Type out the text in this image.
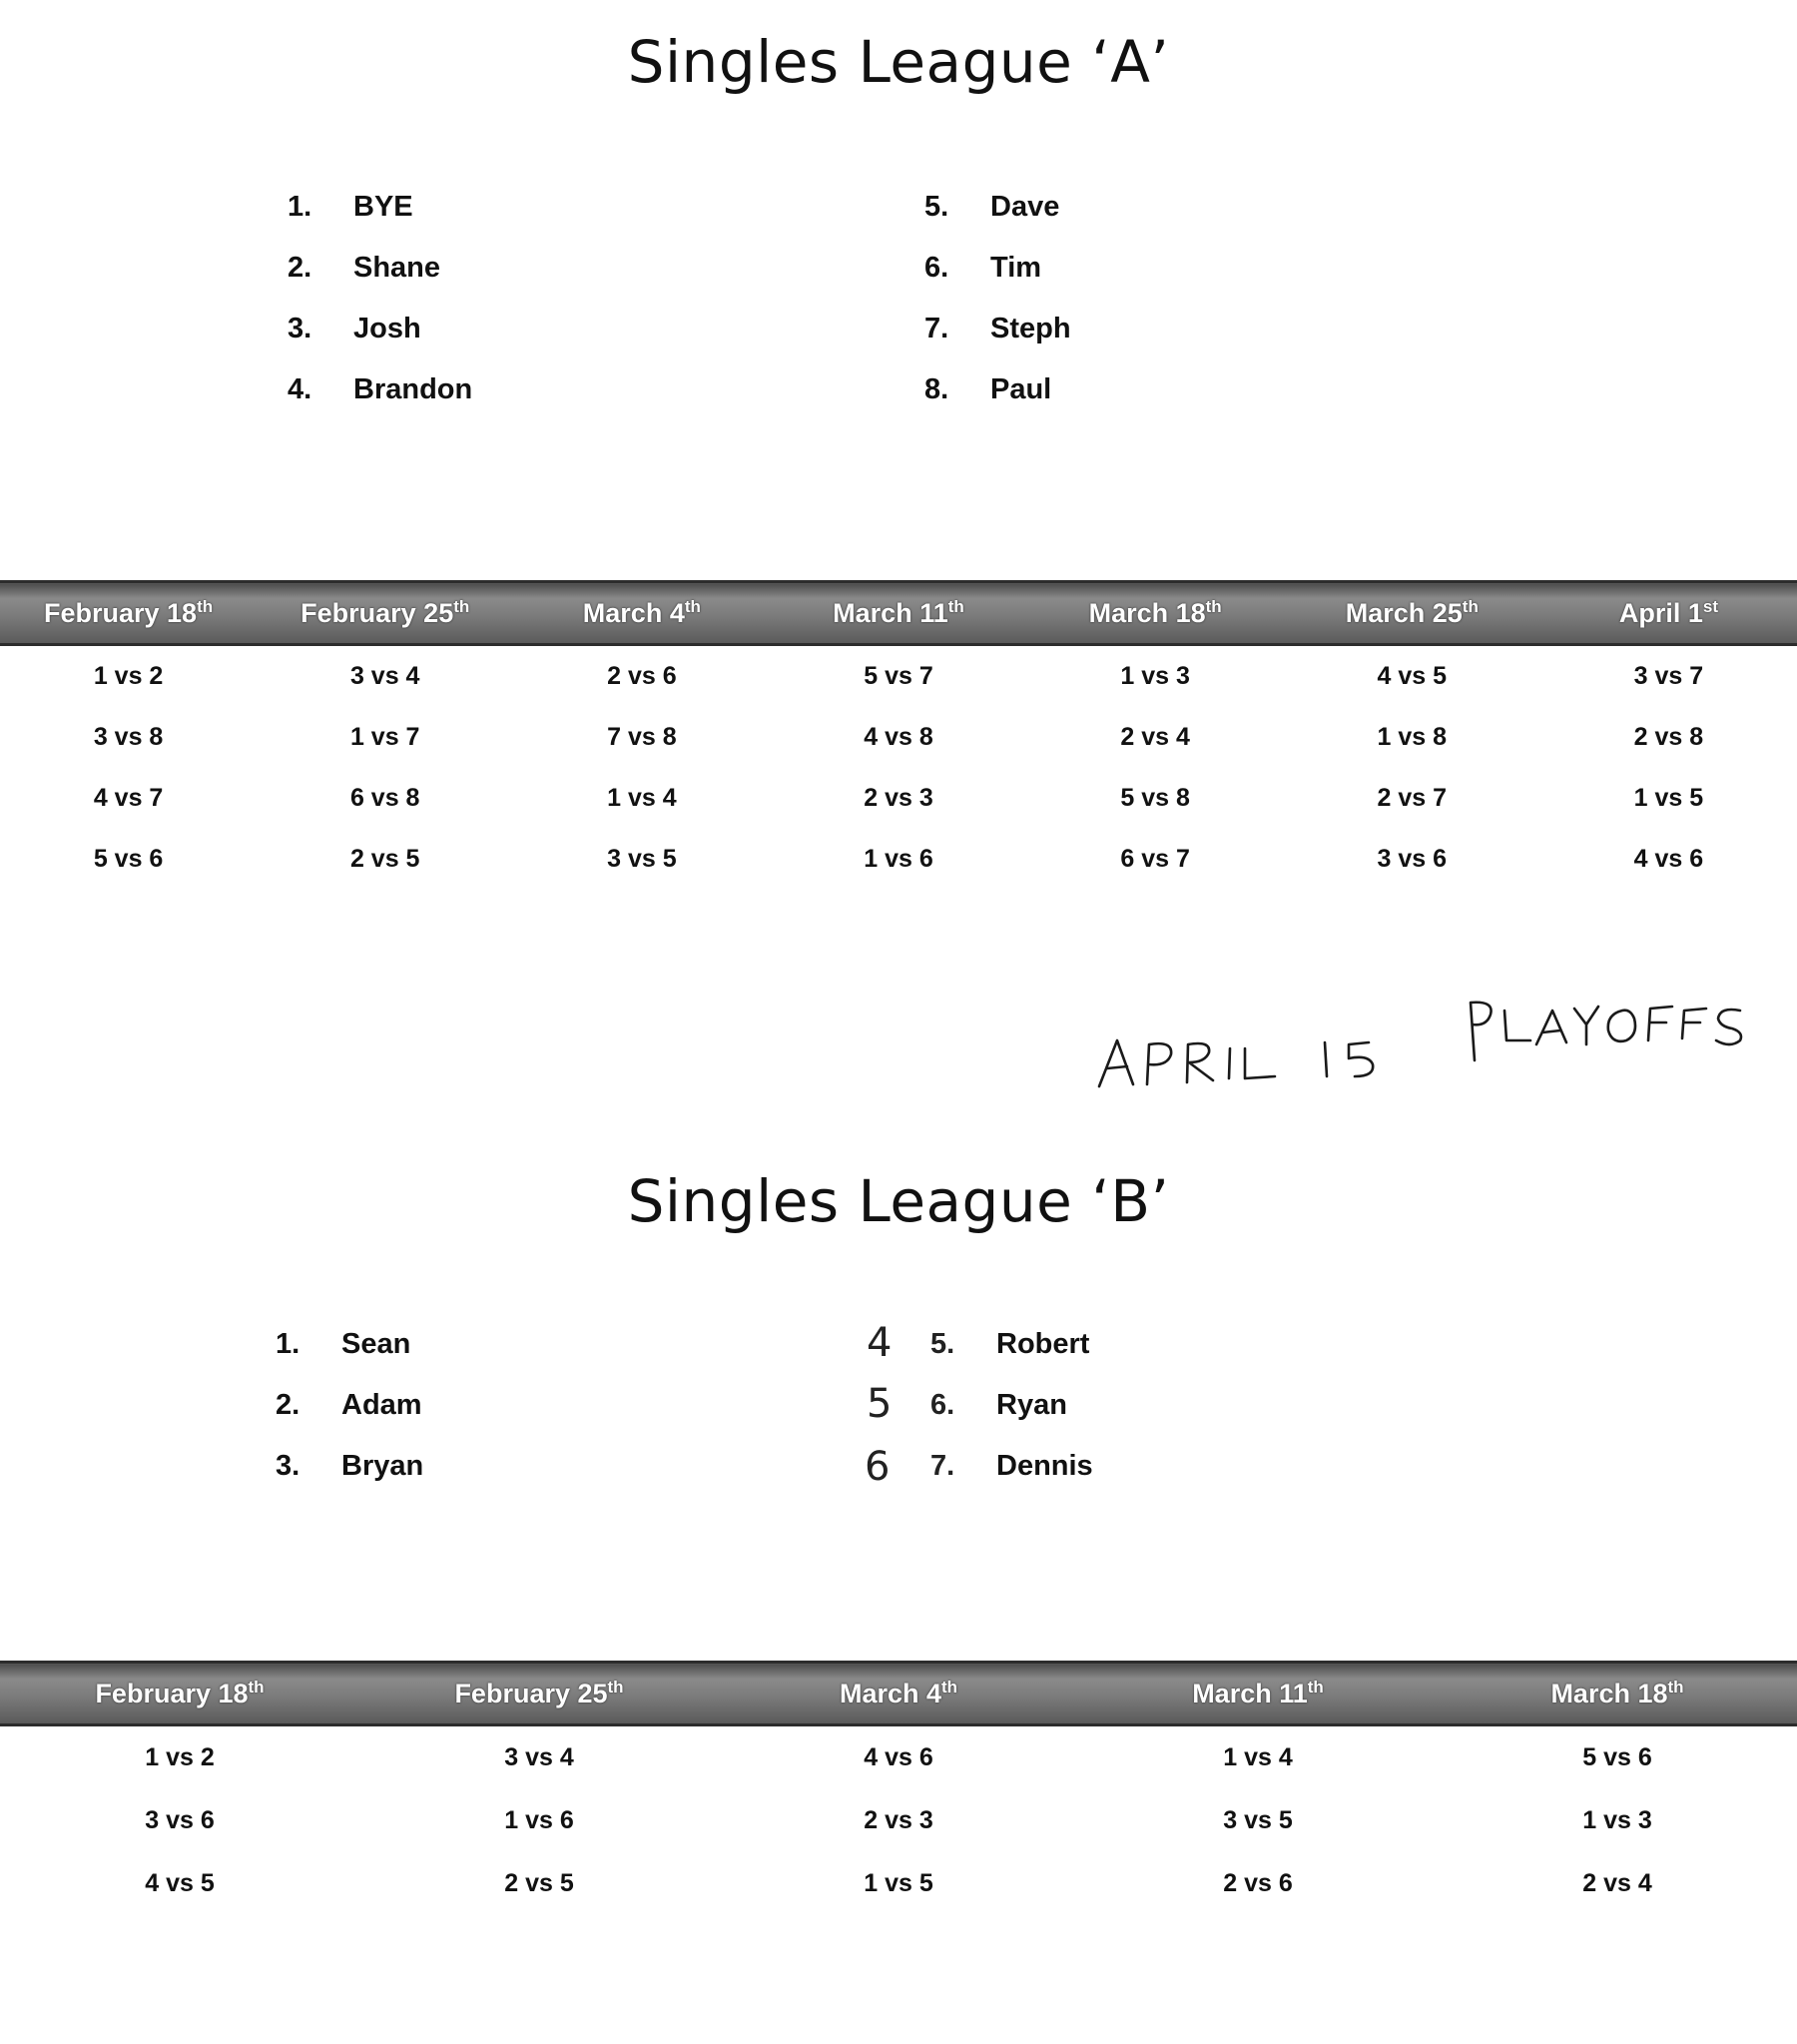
Singles League ‘A’
1. BYE
2. Shane
3. Josh
4. Brandon
5. Dave
6. Tim
7. Steph
8. Paul
February 18th	February 25th	March 4th	March 11th	March 18th	March 25th	April 1st
1 vs 2	3 vs 4	2 vs 6	5 vs 7	1 vs 3	4 vs 5	3 vs 7
3 vs 8	1 vs 7	7 vs 8	4 vs 8	2 vs 4	1 vs 8	2 vs 8
4 vs 7	6 vs 8	1 vs 4	2 vs 3	5 vs 8	2 vs 7	1 vs 5
5 vs 6	2 vs 5	3 vs 5	1 vs 6	6 vs 7	3 vs 6	4 vs 6
Singles League ‘B’
1. Sean
2. Adam
3. Bryan
4 5. Robert
5 6. Ryan
6 7. Dennis
February 18th	February 25th	March 4th	March 11th	March 18th
1 vs 2	3 vs 4	4 vs 6	1 vs 4	5 vs 6
3 vs 6	1 vs 6	2 vs 3	3 vs 5	1 vs 3
4 vs 5	2 vs 5	1 vs 5	2 vs 6	2 vs 4
